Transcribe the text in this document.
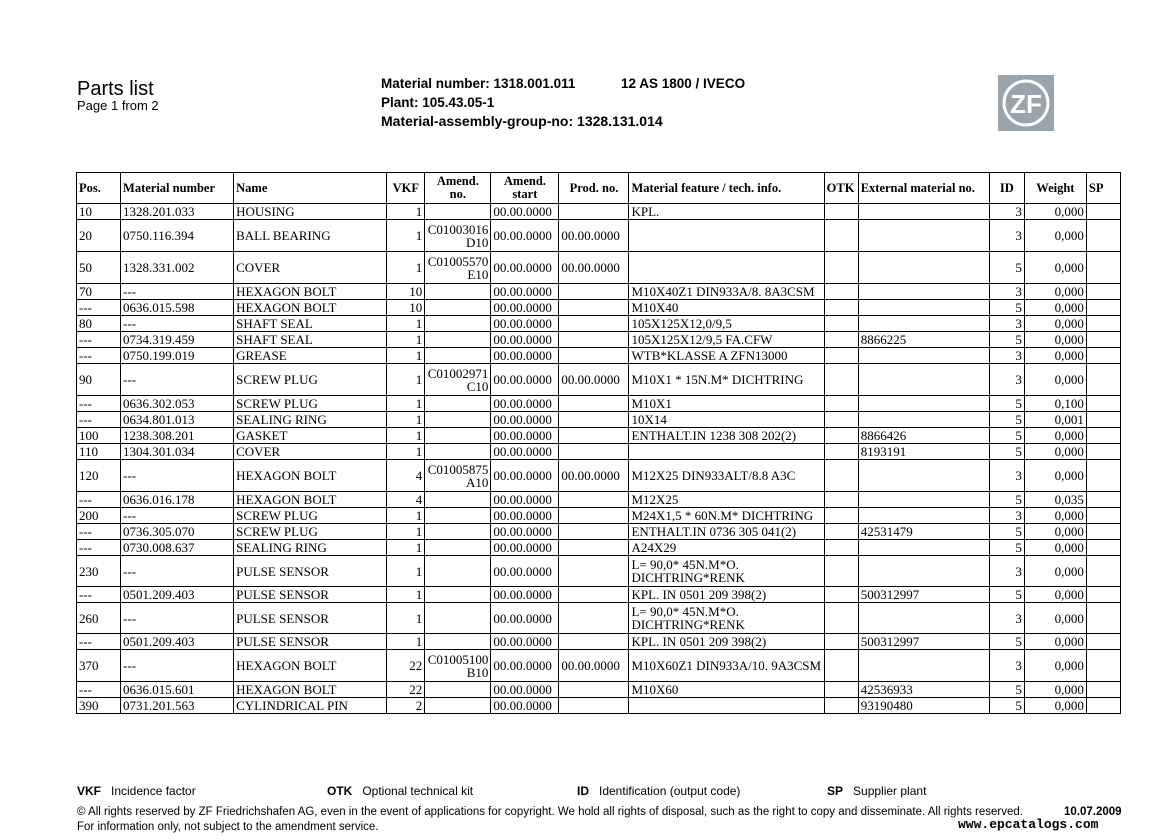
Parts list
Page 1 from 2
Material number: 1318.001.011	12 AS 1800 / IVECO
Plant: 105.43.05-1
Material-assembly-group-no: 1328.131.014
ZF
Pos.	Material number	Name	VKF	Amend. no.	Amend. start	Prod. no.	Material feature / tech. info.	OTK	External material no.	ID	Weight	SP
10	1328.201.033	HOUSING	1		00.00.0000		KPL.			3	0,000	
20	0750.116.394	BALL BEARING	1	C01003016D10	00.00.0000	00.00.0000				3	0,000	
50	1328.331.002	COVER	1	C01005570E10	00.00.0000	00.00.0000				5	0,000	
70	---	HEXAGON BOLT	10		00.00.0000		M10X40Z1 DIN933A/8. 8A3CSM			3	0,000	
---	0636.015.598	HEXAGON BOLT	10		00.00.0000		M10X40			5	0,000	
80	---	SHAFT SEAL	1		00.00.0000		105X125X12,0/9,5			3	0,000	
---	0734.319.459	SHAFT SEAL	1		00.00.0000		105X125X12/9,5 FA.CFW		8866225	5	0,000	
---	0750.199.019	GREASE	1		00.00.0000		WTB*KLASSE A ZFN13000			3	0,000	
90	---	SCREW PLUG	1	C01002971C10	00.00.0000	00.00.0000	M10X1 * 15N.M* DICHTRING			3	0,000	
---	0636.302.053	SCREW PLUG	1		00.00.0000		M10X1			5	0,100	
---	0634.801.013	SEALING RING	1		00.00.0000		10X14			5	0,001	
100	1238.308.201	GASKET	1		00.00.0000		ENTHALT.IN 1238 308 202(2)		8866426	5	0,000	
110	1304.301.034	COVER	1		00.00.0000				8193191	5	0,000	
120	---	HEXAGON BOLT	4	C01005875A10	00.00.0000	00.00.0000	M12X25 DIN933ALT/8.8 A3C			3	0,000	
---	0636.016.178	HEXAGON BOLT	4		00.00.0000		M12X25			5	0,035	
200	---	SCREW PLUG	1		00.00.0000		M24X1,5 * 60N.M* DICHTRING			3	0,000	
---	0736.305.070	SCREW PLUG	1		00.00.0000		ENTHALT.IN 0736 305 041(2)		42531479	5	0,000	
---	0730.008.637	SEALING RING	1		00.00.0000		A24X29			5	0,000	
230	---	PULSE SENSOR	1		00.00.0000		L= 90,0* 45N.M*O. DICHTRING*RENK			3	0,000	
---	0501.209.403	PULSE SENSOR	1		00.00.0000		KPL. IN 0501 209 398(2)		500312997	5	0,000	
260	---	PULSE SENSOR	1		00.00.0000		L= 90,0* 45N.M*O. DICHTRING*RENK			3	0,000	
---	0501.209.403	PULSE SENSOR	1		00.00.0000		KPL. IN 0501 209 398(2)		500312997	5	0,000	
370	---	HEXAGON BOLT	22	C01005100B10	00.00.0000	00.00.0000	M10X60Z1 DIN933A/10. 9A3CSM			3	0,000	
---	0636.015.601	HEXAGON BOLT	22		00.00.0000		M10X60		42536933	5	0,000	
390	0731.201.563	CYLINDRICAL PIN	2		00.00.0000				93190480	5	0,000	
VKF Incidence factor	OTK Optional technical kit	ID Identification (output code)	SP Supplier plant
© All rights reserved by ZF Friedrichshafen AG, even in the event of applications for copyright. We hold all rights of disposal, such as the right to copy and disseminate. All rights reserved.	10.07.2009
For information only, not subject to the amendment service.	www.epcatalogs.com
